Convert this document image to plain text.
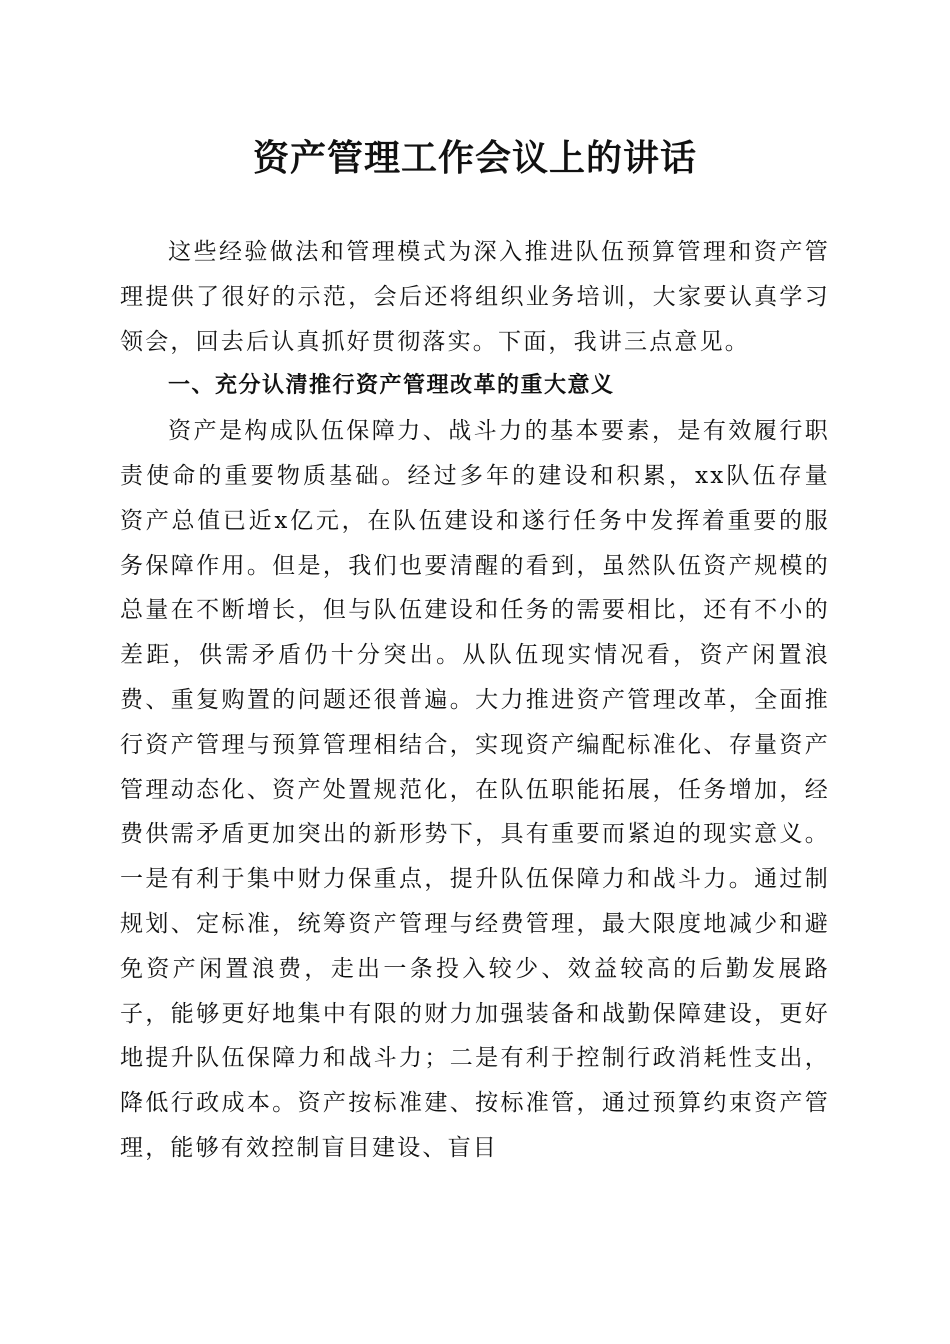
资产管理工作会议上的讲话

这些经验做法和管理模式为深入推进队伍预算管理和资产管理提供了很好的示范，会后还将组织业务培训，大家要认真学习领会，回去后认真抓好贯彻落实。下面，我讲三点意见。

一、充分认清推行资产管理改革的重大意义

资产是构成队伍保障力、战斗力的基本要素，是有效履行职责使命的重要物质基础。经过多年的建设和积累，xx队伍存量资产总值已近x亿元，在队伍建设和遂行任务中发挥着重要的服务保障作用。但是，我们也要清醒的看到，虽然队伍资产规模的总量在不断增长，但与队伍建设和任务的需要相比，还有不小的差距，供需矛盾仍十分突出。从队伍现实情况看，资产闲置浪费、重复购置的问题还很普遍。大力推进资产管理改革，全面推行资产管理与预算管理相结合，实现资产编配标准化、存量资产管理动态化、资产处置规范化，在队伍职能拓展，任务增加，经费供需矛盾更加突出的新形势下，具有重要而紧迫的现实意义。一是有利于集中财力保重点，提升队伍保障力和战斗力。通过制规划、定标准，统筹资产管理与经费管理，最大限度地减少和避免资产闲置浪费，走出一条投入较少、效益较高的后勤发展路子，能够更好地集中有限的财力加强装备和战勤保障建设，更好地提升队伍保障力和战斗力；二是有利于控制行政消耗性支出，降低行政成本。资产按标准建、按标准管，通过预算约束资产管理，能够有效控制盲目建设、盲目
